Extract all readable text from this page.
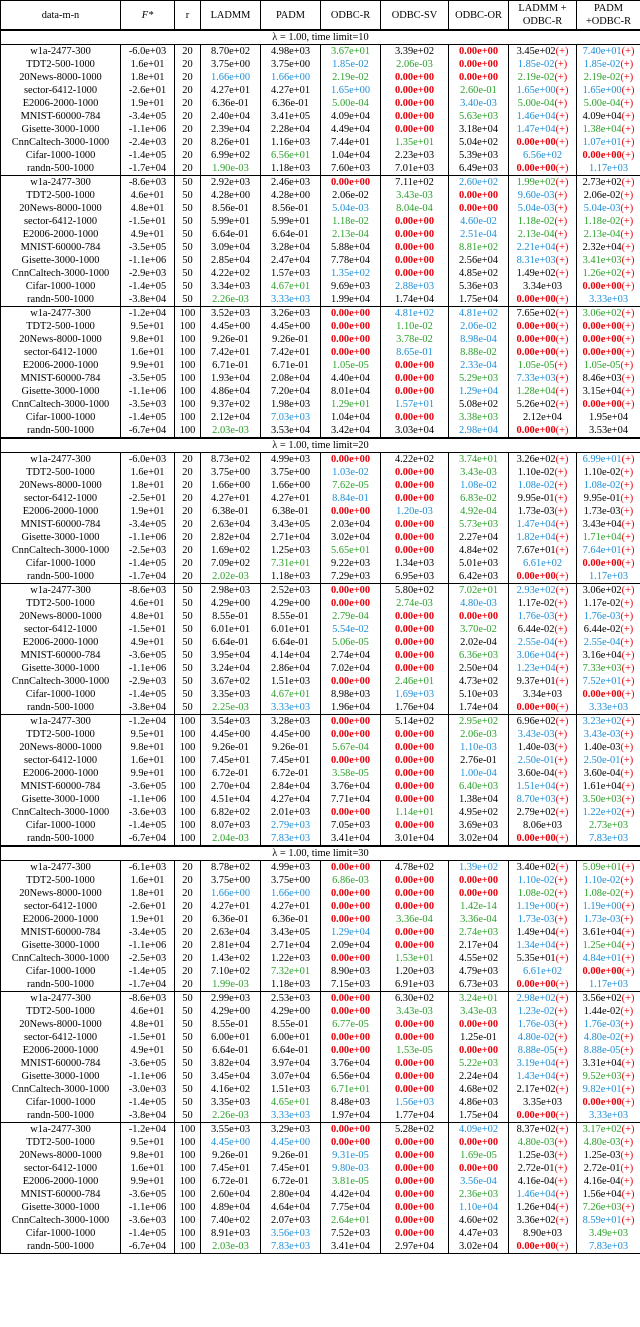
data-m-n	F*	r	LADMM	PADM	ODBC-R	ODBC-SV	ODBC-OR	LADMM + ODBC-R	PADM +ODBC-R
λ = 1.00, time limit=10									
w1a-2477-300	-6.0e+03	20	8.70e+02	4.98e+03	3.67e+01	3.39e+02	0.00e+00	3.45e+02(+)	7.40e+01(+)
TDT2-500-1000	1.6e+01	20	3.75e+00	3.75e+00	1.85e-02	2.06e-03	0.00e+00	1.85e-02(+)	1.85e-02(+)
20News-8000-1000	1.8e+01	20	1.66e+00	1.66e+00	2.19e-02	0.00e+00	0.00e+00	2.19e-02(+)	2.19e-02(+)
sector-6412-1000	-2.6e+01	20	4.27e+01	4.27e+01	1.65e+00	0.00e+00	2.60e-01	1.65e+00(+)	1.65e+00(+)
E2006-2000-1000	1.9e+01	20	6.36e-01	6.36e-01	5.00e-04	0.00e+00	3.40e-03	5.00e-04(+)	5.00e-04(+)
MNIST-60000-784	-3.4e+05	20	2.40e+04	3.41e+05	4.09e+04	0.00e+00	5.63e+03	1.46e+04(+)	4.09e+04(+)
Gisette-3000-1000	-1.1e+06	20	2.39e+04	2.28e+04	4.49e+04	0.00e+00	3.18e+04	1.47e+04(+)	1.38e+04(+)
CnnCaltech-3000-1000	-2.4e+03	20	8.26e+01	1.16e+03	7.44e+01	1.35e+01	5.04e+02	0.00e+00(+)	1.07e+01(+)
Cifar-1000-1000	-1.4e+05	20	6.99e+02	6.56e+01	1.04e+04	2.23e+03	5.39e+03	6.56e+02	0.00e+00(+)
randn-500-1000	-1.7e+04	20	1.90e-03	1.18e+03	7.60e+03	7.01e+03	6.49e+03	0.00e+00(+)	1.17e+03
w1a-2477-300	-8.6e+03	50	2.92e+03	2.46e+03	0.00e+00	7.11e+02	2.60e+02	1.99e+02(+)	2.73e+02(+)
TDT2-500-1000	4.6e+01	50	4.28e+00	4.28e+00	2.06e-02	3.43e-03	0.00e+00	9.60e-03(+)	2.06e-02(+)
20News-8000-1000	4.8e+01	50	8.56e-01	8.56e-01	5.04e-03	8.04e-04	0.00e+00	5.04e-03(+)	5.04e-03(+)
sector-6412-1000	-1.5e+01	50	5.99e+01	5.99e+01	1.18e-02	0.00e+00	4.60e-02	1.18e-02(+)	1.18e-02(+)
E2006-2000-1000	4.9e+01	50	6.64e-01	6.64e-01	2.13e-04	0.00e+00	2.51e-04	2.13e-04(+)	2.13e-04(+)
MNIST-60000-784	-3.5e+05	50	3.09e+04	3.28e+04	5.88e+04	0.00e+00	8.81e+02	2.21e+04(+)	2.32e+04(+)
Gisette-3000-1000	-1.1e+06	50	2.85e+04	2.47e+04	7.78e+04	0.00e+00	2.56e+04	8.31e+03(+)	3.41e+03(+)
CnnCaltech-3000-1000	-2.9e+03	50	4.22e+02	1.57e+03	1.35e+02	0.00e+00	4.85e+02	1.49e+02(+)	1.26e+02(+)
Cifar-1000-1000	-1.4e+05	50	3.34e+03	4.67e+01	9.69e+03	2.88e+03	5.36e+03	3.34e+03	0.00e+00(+)
randn-500-1000	-3.8e+04	50	2.26e-03	3.33e+03	1.99e+04	1.74e+04	1.75e+04	0.00e+00(+)	3.33e+03
w1a-2477-300	-1.2e+04	100	3.52e+03	3.26e+03	0.00e+00	4.81e+02	4.81e+02	7.65e+02(+)	3.06e+02(+)
TDT2-500-1000	9.5e+01	100	4.45e+00	4.45e+00	0.00e+00	1.10e-02	2.06e-02	0.00e+00(+)	0.00e+00(+)
20News-8000-1000	9.8e+01	100	9.26e-01	9.26e-01	0.00e+00	3.78e-02	8.98e-04	0.00e+00(+)	0.00e+00(+)
sector-6412-1000	1.6e+01	100	7.42e+01	7.42e+01	0.00e+00	8.65e-01	8.88e-02	0.00e+00(+)	0.00e+00(+)
E2006-2000-1000	9.9e+01	100	6.71e-01	6.71e-01	1.05e-05	0.00e+00	2.33e-04	1.05e-05(+)	1.05e-05(+)
MNIST-60000-784	-3.5e+05	100	1.93e+04	2.08e+04	4.40e+04	0.00e+00	5.29e+03	7.33e+03(+)	8.46e+03(+)
Gisette-3000-1000	-1.1e+06	100	4.86e+04	7.20e+04	8.01e+04	0.00e+00	1.29e+04	1.28e+04(+)	3.15e+04(+)
CnnCaltech-3000-1000	-3.5e+03	100	9.37e+02	1.98e+03	1.29e+01	1.57e+01	5.08e+02	5.26e+02(+)	0.00e+00(+)
Cifar-1000-1000	-1.4e+05	100	2.12e+04	7.03e+03	1.04e+04	0.00e+00	3.38e+03	2.12e+04	1.95e+04
randn-500-1000	-6.7e+04	100	2.03e-03	3.53e+04	3.42e+04	3.03e+04	2.98e+04	0.00e+00(+)	3.53e+04
λ = 1.00, time limit=20									
w1a-2477-300	-6.0e+03	20	8.73e+02	4.99e+03	0.00e+00	4.22e+02	3.74e+01	3.26e+02(+)	6.99e+01(+)
TDT2-500-1000	1.6e+01	20	3.75e+00	3.75e+00	1.03e-02	0.00e+00	3.43e-03	1.10e-02(+)	1.10e-02(+)
20News-8000-1000	1.8e+01	20	1.66e+00	1.66e+00	7.62e-05	0.00e+00	1.08e-02	1.08e-02(+)	1.08e-02(+)
sector-6412-1000	-2.5e+01	20	4.27e+01	4.27e+01	8.84e-01	0.00e+00	6.83e-02	9.95e-01(+)	9.95e-01(+)
E2006-2000-1000	1.9e+01	20	6.38e-01	6.38e-01	0.00e+00	1.20e-03	4.92e-04	1.73e-03(+)	1.73e-03(+)
MNIST-60000-784	-3.4e+05	20	2.63e+04	3.43e+05	2.03e+04	0.00e+00	5.73e+03	1.47e+04(+)	3.43e+04(+)
Gisette-3000-1000	-1.1e+06	20	2.82e+04	2.71e+04	3.02e+04	0.00e+00	2.27e+04	1.82e+04(+)	1.71e+04(+)
CnnCaltech-3000-1000	-2.5e+03	20	1.69e+02	1.25e+03	5.65e+01	0.00e+00	4.84e+02	7.67e+01(+)	7.64e+01(+)
Cifar-1000-1000	-1.4e+05	20	7.09e+02	7.31e+01	9.22e+03	1.34e+03	5.01e+03	6.61e+02	0.00e+00(+)
randn-500-1000	-1.7e+04	20	2.02e-03	1.18e+03	7.29e+03	6.95e+03	6.42e+03	0.00e+00(+)	1.17e+03
w1a-2477-300	-8.6e+03	50	2.98e+03	2.52e+03	0.00e+00	5.80e+02	7.02e+01	2.93e+02(+)	3.06e+02(+)
TDT2-500-1000	4.6e+01	50	4.29e+00	4.29e+00	0.00e+00	2.74e-03	4.80e-03	1.17e-02(+)	1.17e-02(+)
20News-8000-1000	4.8e+01	50	8.55e-01	8.55e-01	2.79e-04	0.00e+00	0.00e+00	1.76e-03(+)	1.76e-03(+)
sector-6412-1000	-1.5e+01	50	6.01e+01	6.01e+01	5.54e-02	0.00e+00	3.70e-02	6.44e-02(+)	6.44e-02(+)
E2006-2000-1000	4.9e+01	50	6.64e-01	6.64e-01	5.06e-05	0.00e+00	2.02e-04	2.55e-04(+)	2.55e-04(+)
MNIST-60000-784	-3.6e+05	50	3.95e+04	4.14e+04	2.74e+04	0.00e+00	6.36e+03	3.06e+04(+)	3.16e+04(+)
Gisette-3000-1000	-1.1e+06	50	3.24e+04	2.86e+04	7.02e+04	0.00e+00	2.50e+04	1.23e+04(+)	7.33e+03(+)
CnnCaltech-3000-1000	-2.9e+03	50	3.67e+02	1.51e+03	0.00e+00	2.46e+01	4.73e+02	9.37e+01(+)	7.52e+01(+)
Cifar-1000-1000	-1.4e+05	50	3.35e+03	4.67e+01	8.98e+03	1.69e+03	5.10e+03	3.34e+03	0.00e+00(+)
randn-500-1000	-3.8e+04	50	2.25e-03	3.33e+03	1.96e+04	1.76e+04	1.74e+04	0.00e+00(+)	3.33e+03
w1a-2477-300	-1.2e+04	100	3.54e+03	3.28e+03	0.00e+00	5.14e+02	2.95e+02	6.96e+02(+)	3.23e+02(+)
TDT2-500-1000	9.5e+01	100	4.45e+00	4.45e+00	0.00e+00	0.00e+00	2.06e-03	3.43e-03(+)	3.43e-03(+)
20News-8000-1000	9.8e+01	100	9.26e-01	9.26e-01	5.67e-04	0.00e+00	1.10e-03	1.40e-03(+)	1.40e-03(+)
sector-6412-1000	1.6e+01	100	7.45e+01	7.45e+01	0.00e+00	0.00e+00	2.76e-01	2.50e-01(+)	2.50e-01(+)
E2006-2000-1000	9.9e+01	100	6.72e-01	6.72e-01	3.58e-05	0.00e+00	1.00e-04	3.60e-04(+)	3.60e-04(+)
MNIST-60000-784	-3.6e+05	100	2.70e+04	2.84e+04	3.76e+04	0.00e+00	6.40e+03	1.51e+04(+)	1.61e+04(+)
Gisette-3000-1000	-1.1e+06	100	4.51e+04	4.27e+04	7.71e+04	0.00e+00	1.38e+04	8.70e+03(+)	3.50e+03(+)
CnnCaltech-3000-1000	-3.6e+03	100	6.82e+02	2.01e+03	0.00e+00	1.14e+01	4.95e+02	2.79e+02(+)	1.22e+02(+)
Cifar-1000-1000	-1.4e+05	100	8.07e+03	2.79e+03	7.05e+03	0.00e+00	3.69e+03	8.06e+03	2.73e+03
randn-500-1000	-6.7e+04	100	2.04e-03	7.83e+03	3.41e+04	3.01e+04	3.02e+04	0.00e+00(+)	7.83e+03
λ = 1.00, time limit=30									
w1a-2477-300	-6.1e+03	20	8.78e+02	4.99e+03	0.00e+00	4.78e+02	1.39e+02	3.40e+02(+)	5.09e+01(+)
TDT2-500-1000	1.6e+01	20	3.75e+00	3.75e+00	6.86e-03	0.00e+00	0.00e+00	1.10e-02(+)	1.10e-02(+)
20News-8000-1000	1.8e+01	20	1.66e+00	1.66e+00	0.00e+00	0.00e+00	0.00e+00	1.08e-02(+)	1.08e-02(+)
sector-6412-1000	-2.6e+01	20	4.27e+01	4.27e+01	0.00e+00	0.00e+00	1.42e-14	1.19e+00(+)	1.19e+00(+)
E2006-2000-1000	1.9e+01	20	6.36e-01	6.36e-01	0.00e+00	3.36e-04	3.36e-04	1.73e-03(+)	1.73e-03(+)
MNIST-60000-784	-3.4e+05	20	2.63e+04	3.43e+05	1.29e+04	0.00e+00	2.74e+03	1.49e+04(+)	3.61e+04(+)
Gisette-3000-1000	-1.1e+06	20	2.81e+04	2.71e+04	2.09e+04	0.00e+00	2.17e+04	1.34e+04(+)	1.25e+04(+)
CnnCaltech-3000-1000	-2.5e+03	20	1.43e+02	1.22e+03	0.00e+00	1.53e+01	4.55e+02	5.35e+01(+)	4.84e+01(+)
Cifar-1000-1000	-1.4e+05	20	7.10e+02	7.32e+01	8.90e+03	1.20e+03	4.79e+03	6.61e+02	0.00e+00(+)
randn-500-1000	-1.7e+04	20	1.99e-03	1.18e+03	7.15e+03	6.91e+03	6.73e+03	0.00e+00(+)	1.17e+03
w1a-2477-300	-8.6e+03	50	2.99e+03	2.53e+03	0.00e+00	6.30e+02	3.24e+01	2.98e+02(+)	3.56e+02(+)
TDT2-500-1000	4.6e+01	50	4.29e+00	4.29e+00	0.00e+00	3.43e-03	3.43e-03	1.23e-02(+)	1.44e-02(+)
20News-8000-1000	4.8e+01	50	8.55e-01	8.55e-01	6.77e-05	0.00e+00	0.00e+00	1.76e-03(+)	1.76e-03(+)
sector-6412-1000	-1.5e+01	50	6.00e+01	6.00e+01	0.00e+00	0.00e+00	1.25e-01	4.80e-02(+)	4.80e-02(+)
E2006-2000-1000	4.9e+01	50	6.64e-01	6.64e-01	0.00e+00	1.53e-05	0.00e+00	8.88e-05(+)	8.88e-05(+)
MNIST-60000-784	-3.6e+05	50	3.82e+04	3.97e+04	3.76e+04	0.00e+00	5.22e+03	3.19e+04(+)	3.31e+04(+)
Gisette-3000-1000	-1.1e+06	50	3.45e+04	3.07e+04	6.56e+04	0.00e+00	2.24e+04	1.43e+04(+)	9.52e+03(+)
CnnCaltech-3000-1000	-3.0e+03	50	4.16e+02	1.51e+03	6.71e+01	0.00e+00	4.68e+02	2.17e+02(+)	9.82e+01(+)
Cifar-1000-1000	-1.4e+05	50	3.35e+03	4.65e+01	8.48e+03	1.56e+03	4.86e+03	3.35e+03	0.00e+00(+)
randn-500-1000	-3.8e+04	50	2.26e-03	3.33e+03	1.97e+04	1.77e+04	1.75e+04	0.00e+00(+)	3.33e+03
w1a-2477-300	-1.2e+04	100	3.55e+03	3.29e+03	0.00e+00	5.28e+02	4.09e+02	8.37e+02(+)	3.17e+02(+)
TDT2-500-1000	9.5e+01	100	4.45e+00	4.45e+00	0.00e+00	0.00e+00	0.00e+00	4.80e-03(+)	4.80e-03(+)
20News-8000-1000	9.8e+01	100	9.26e-01	9.26e-01	9.31e-05	0.00e+00	1.69e-05	1.25e-03(+)	1.25e-03(+)
sector-6412-1000	1.6e+01	100	7.45e+01	7.45e+01	9.80e-03	0.00e+00	0.00e+00	2.72e-01(+)	2.72e-01(+)
E2006-2000-1000	9.9e+01	100	6.72e-01	6.72e-01	3.81e-05	0.00e+00	3.56e-04	4.16e-04(+)	4.16e-04(+)
MNIST-60000-784	-3.6e+05	100	2.60e+04	2.80e+04	4.42e+04	0.00e+00	2.36e+03	1.46e+04(+)	1.56e+04(+)
Gisette-3000-1000	-1.1e+06	100	4.89e+04	4.64e+04	7.75e+04	0.00e+00	1.10e+04	1.26e+04(+)	7.26e+03(+)
CnnCaltech-3000-1000	-3.6e+03	100	7.40e+02	2.07e+03	2.64e+01	0.00e+00	4.60e+02	3.36e+02(+)	8.59e+01(+)
Cifar-1000-1000	-1.4e+05	100	8.91e+03	3.56e+03	7.52e+03	0.00e+00	4.47e+03	8.90e+03	3.49e+03
randn-500-1000	-6.7e+04	100	2.03e-03	7.83e+03	3.41e+04	2.97e+04	3.02e+04	0.00e+00(+)	7.83e+03
